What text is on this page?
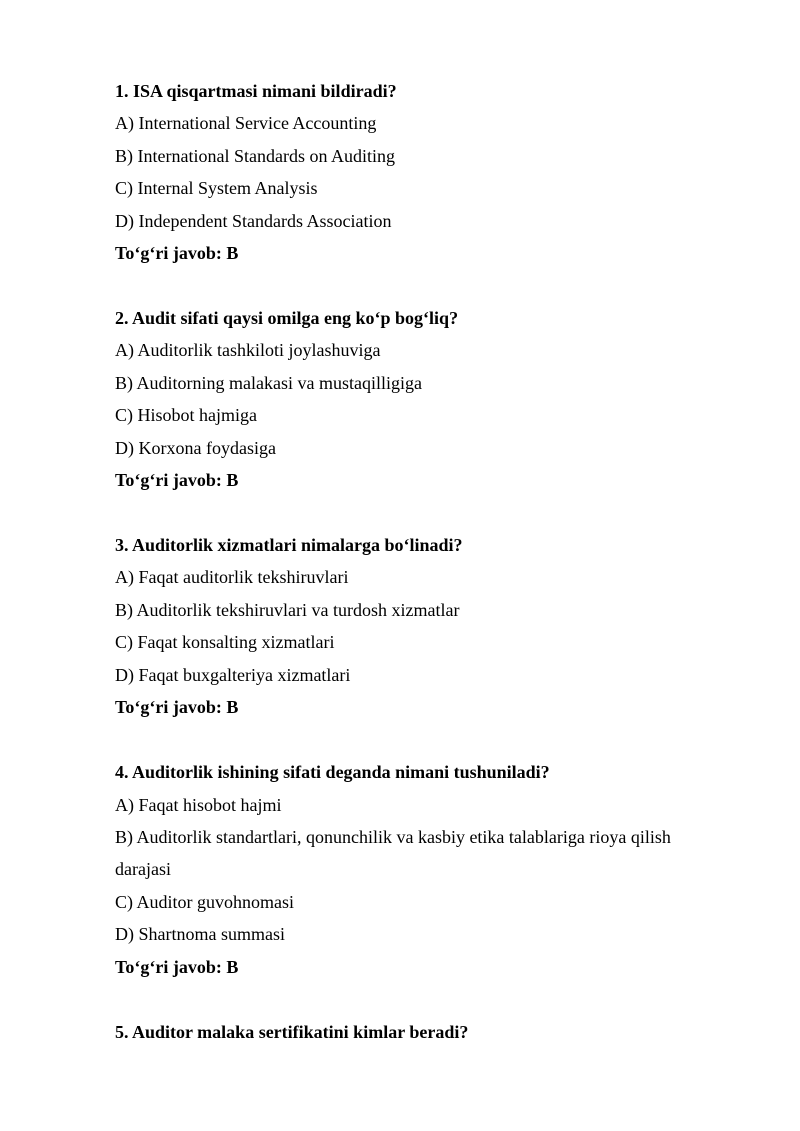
1. ISA qisqartmasi nimani bildiradi?

A) International Service Accounting

B) International Standards on Auditing

C) Internal System Analysis

D) Independent Standards Association

To‘g‘ri javob: B

2. Audit sifati qaysi omilga eng ko‘p bog‘liq?

A) Auditorlik tashkiloti joylashuviga

B) Auditorning malakasi va mustaqilligiga

C) Hisobot hajmiga

D) Korxona foydasiga

To‘g‘ri javob: B

3. Auditorlik xizmatlari nimalarga bo‘linadi?

A) Faqat auditorlik tekshiruvlari

B) Auditorlik tekshiruvlari va turdosh xizmatlar

C) Faqat konsalting xizmatlari

D) Faqat buxgalteriya xizmatlari

To‘g‘ri javob: B

4. Auditorlik ishining sifati deganda nimani tushuniladi?

A) Faqat hisobot hajmi

B) Auditorlik standartlari, qonunchilik va kasbiy etika talablariga rioya qilish darajasi

C) Auditor guvohnomasi

D) Shartnoma summasi

To‘g‘ri javob: B

5. Auditor malaka sertifikatini kimlar beradi?
